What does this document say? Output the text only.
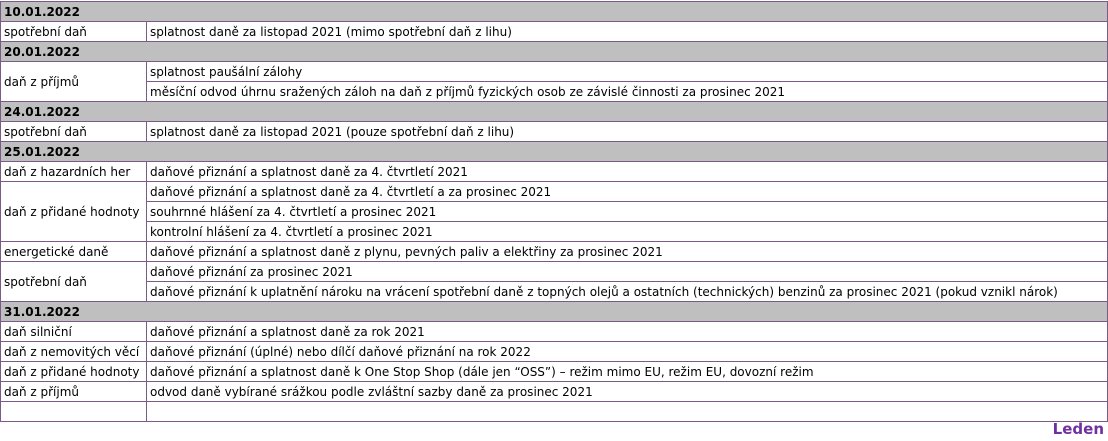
10.01.2022	
spotřební daň	splatnost daně za listopad 2021 (mimo spotřební daň z lihu)
20.01.2022	
daň z příjmů	splatnost paušální zálohy
	měsíční odvod úhrnu sražených záloh na daň z příjmů fyzických osob ze závislé činnosti za prosinec 2021
24.01.2022	
spotřební daň	splatnost daně za listopad 2021 (pouze spotřební daň z lihu)
25.01.2022	
daň z hazardních her	daňové přiznání a splatnost daně za 4. čtvrtletí 2021
daň z přidané hodnoty	daňové přiznání a splatnost daně za 4. čtvrtletí a za prosinec 2021
	souhrnné hlášení za 4. čtvrtletí a prosinec 2021
	kontrolní hlášení za 4. čtvrtletí a prosinec 2021
energetické daně	daňové přiznání a splatnost daně z plynu, pevných paliv a elektřiny za prosinec 2021
spotřební daň	daňové přiznání za prosinec 2021
	daňové přiznání k uplatnění nároku na vrácení spotřební daně z topných olejů a ostatních (technických) benzinů za prosinec 2021 (pokud vznikl nárok)
31.01.2022	
daň silniční	daňové přiznání a splatnost daně za rok 2021
daň z nemovitých věcí	daňové přiznání (úplné) nebo dílčí daňové přiznání na rok 2022
daň z přidané hodnoty	daňové přiznání a splatnost daně k One Stop Shop (dále jen “OSS”) – režim mimo EU, režim EU, dovozní režim
daň z příjmů	odvod daně vybírané srážkou podle zvláštní sazby daně za prosinec 2021

Leden
